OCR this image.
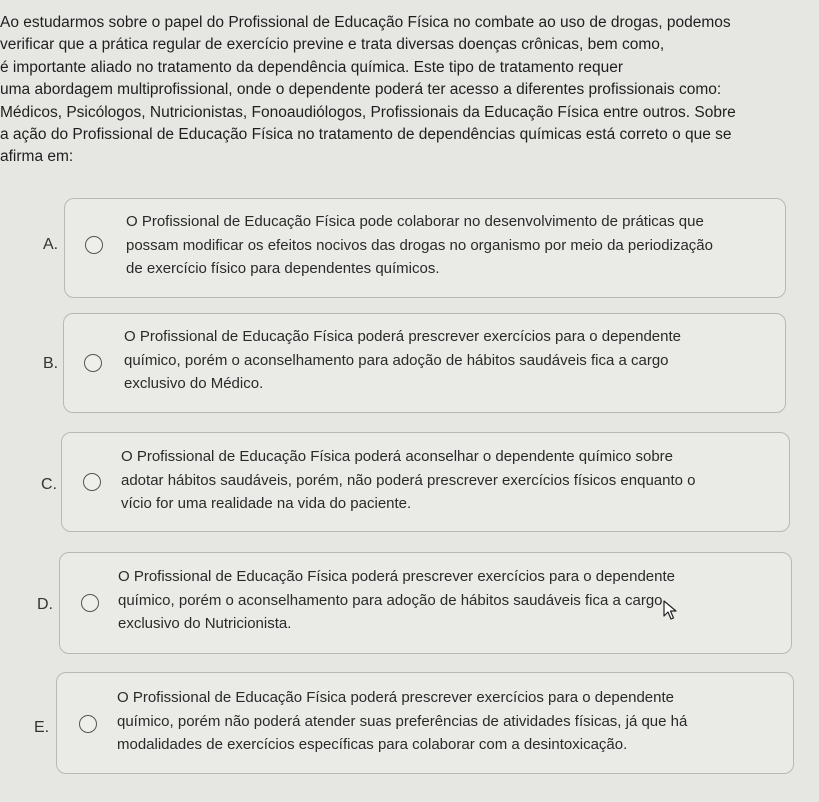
Ao estudarmos sobre o papel do Profissional de Educação Física no combate ao uso de drogas, podemos
verificar que a prática regular de exercício previne e trata diversas doenças crônicas, bem como,
é importante aliado no tratamento da dependência química. Este tipo de tratamento requer
uma abordagem multiprofissional, onde o dependente poderá ter acesso a diferentes profissionais como:
Médicos, Psicólogos, Nutricionistas, Fonoaudiólogos, Profissionais da Educação Física entre outros. Sobre
a ação do Profissional de Educação Física no tratamento de dependências químicas está correto o que se
afirma em:
A.
O Profissional de Educação Física pode colaborar no desenvolvimento de práticas que
possam modificar os efeitos nocivos das drogas no organismo por meio da periodização
de exercício físico para dependentes químicos.
B.
O Profissional de Educação Física poderá prescrever exercícios para o dependente
químico, porém o aconselhamento para adoção de hábitos saudáveis fica a cargo
exclusivo do Médico.
C.
O Profissional de Educação Física poderá aconselhar o dependente químico sobre
adotar hábitos saudáveis, porém, não poderá prescrever exercícios físicos enquanto o
vício for uma realidade na vida do paciente.
D.
O Profissional de Educação Física poderá prescrever exercícios para o dependente
químico, porém o aconselhamento para adoção de hábitos saudáveis fica a cargo
exclusivo do Nutricionista.
E.
O Profissional de Educação Física poderá prescrever exercícios para o dependente
químico, porém não poderá atender suas preferências de atividades físicas, já que há
modalidades de exercícios específicas para colaborar com a desintoxicação.
